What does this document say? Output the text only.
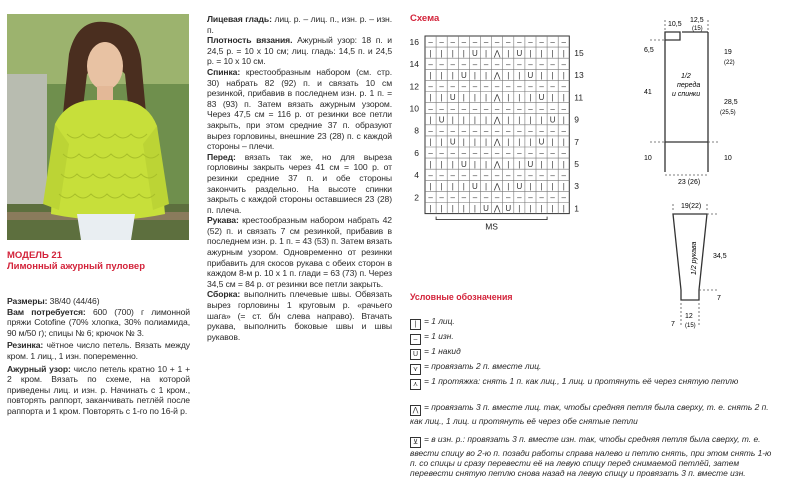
МОДЕЛЬ 21

Лимонный ажурный пуловер

Размеры: 38/40 (44/46)

Вам потребуется: 600 (700) г лимонной пряжи Cotofine (70% хлопка, 30% полиамида, 90 м/50 г); спицы № 6; крючок № 3.

Резинка: чётное число петель. Вязать между кром. 1 лиц., 1 изн. попеременно.

Ажурный узор: число петель кратно 10 + 1 + 2 кром. Вязать по схеме, на которой приведены лиц. и изн. р. Начинать с 1 кром., повторять раппорт, заканчивать петлёй после раппорта и 1 кром. Повторять с 1-го по 16-й р.

Лицевая гладь: лиц. р. – лиц. п., изн. р. – изн. п.

Плотность вязания. Ажурный узор: 18 п. и 24,5 р. = 10 х 10 см; лиц. гладь: 14,5 п. и 24,5 р. = 10 х 10 см.

Спинка: крестообразным набором (см. стр. 30) набрать 82 (92) п. и связать 10 см резинкой, прибавив в последнем изн. р. 1 п. = 83 (93) п. Затем вязать ажурным узором. Через 47,5 см = 116 р. от резинки все петли закрыть, при этом средние 37 п. образуют вырез горловины, внешние 23 (28) п. с каждой стороны – плечи.

Перед: вязать так же, но для выреза горловины закрыть через 41 см = 100 р. от резинки средние 37 п. и обе стороны закончить раздельно. На высоте спинки закрыть с каждой стороны оставшиеся 23 (28) п. плеча.

Рукава: крестообразным набором набрать 42 (52) п. и связать 7 см резинкой, прибавив в последнем изн. р. 1 п. = 43 (53) п. Затем вязать ажурным узором. Одновременно от резинки прибавить для скосов рукава с обеих сторон в каждом 8-м р. 10 х 1 п. глади = 63 (73) п. Через 34,5 см = 84 р. от резинки все петли закрыть.

Сборка: выполнить плечевые швы. Обвязать вырез горловины 1 круговым р. «рачьего шага» (= ст. б/н слева направо). Втачать рукава, выполнить боковые швы и швы рукавов.

Схема
– – – – – – – – – – – – –
| | | | U | ⋀ | U | | | |
– – – – – – – – – – – – –
| | | U | | ⋀ | | U | | |
– – – – – – – – – – – – –
| | U | | | ⋀ | | | U | |
– – – – – – – – – – – – –
| U | | | | ⋀ | | | | U |
– – – – – – – – – – – – –
| | U | | | ⋀ | | | U | |
– – – – – – – – – – – – –
| | | U | | ⋀ | | U | | |
– – – – – – – – – – – – –
| | | | U | ⋀ | U | | | |
– – – – – – – – – – – – –
| | | | | U ⋀ U | | | | |
16
14
12
10
8
6
4
2
15
13
11
9
7
5
3
1
MS
Условные обозначения
| = 1 лиц.
– = 1 изн.
U = 1 накид
⋎ = провязать 2 п. вместе лиц.
⋏ = 1 протяжка: снять 1 п. как лиц., 1 лиц. и протянуть её через снятую петлю
⋀ = провязать 3 п. вместе лиц. так, чтобы средняя петля была сверху, т. е. снять 2 п. как лиц., 1 лиц. и протянуть её через обе снятые петли
⊻ = в изн. р.: провязать 3 п. вместе изн. так, чтобы средняя петля была сверху, т. е. ввести спицу во 2-ю п. позади работы справа налево и петлю снять, при этом снять 1-ю п. со спицы и сразу перевести её на левую спицу перед снимаемой петлёй, затем перевести снятую петлю снова назад на левую спицу и провязать 3 п. вместе изн.
10,5
12,5
(15)
6,5	19
(22)
41
28,5
(25,5)
10	10
23 (26)
1/2
переда
и спинки
19(22)
34,5
7
7
12
(15)
1/2 рукава
